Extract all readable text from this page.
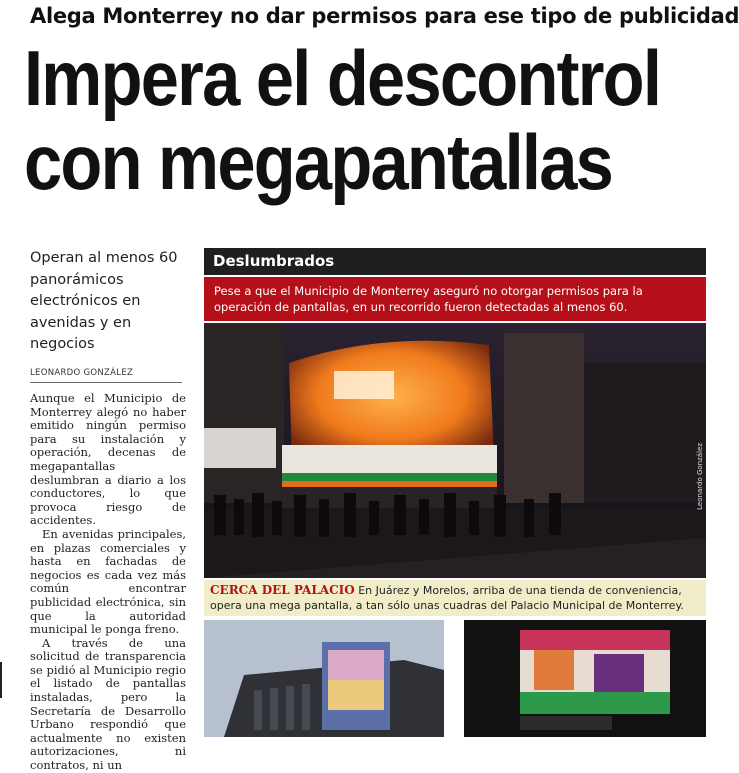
Alega Monterrey no dar permisos para ese tipo de publicidad
Impera el descontrol
con megapantallas
Operan al menos 60 panorámicos electrónicos en avenidas y en negocios
LEONARDO GONZÁLEZ

Aunque el Municipio de Monterrey alegó no haber emitido ningún permiso para su instalación y operación, decenas de megapantallas deslumbran a diario a los conductores, lo que provoca riesgo de accidentes.

En avenidas principales, en plazas comerciales y hasta en fachadas de negocios es cada vez más común encontrar publicidad electrónica, sin que la autoridad municipal le ponga freno.

A través de una solicitud de transparencia se pidió al Municipio regio el listado de pantallas instaladas, pero la Secretaría de Desarrollo Urbano respondió que actualmente no existen autorizaciones, ni contratos, ni un

Deslumbrados
Pese a que el Municipio de Monterrey aseguró no otorgar permisos para la operación de pantallas, en un recorrido fueron detectadas al menos 60.
Leonardo González
CERCA DEL PALACIO En Juárez y Morelos, arriba de una tienda de conveniencia, opera una mega pantalla, a tan sólo unas cuadras del Palacio Municipal de Monterrey.
